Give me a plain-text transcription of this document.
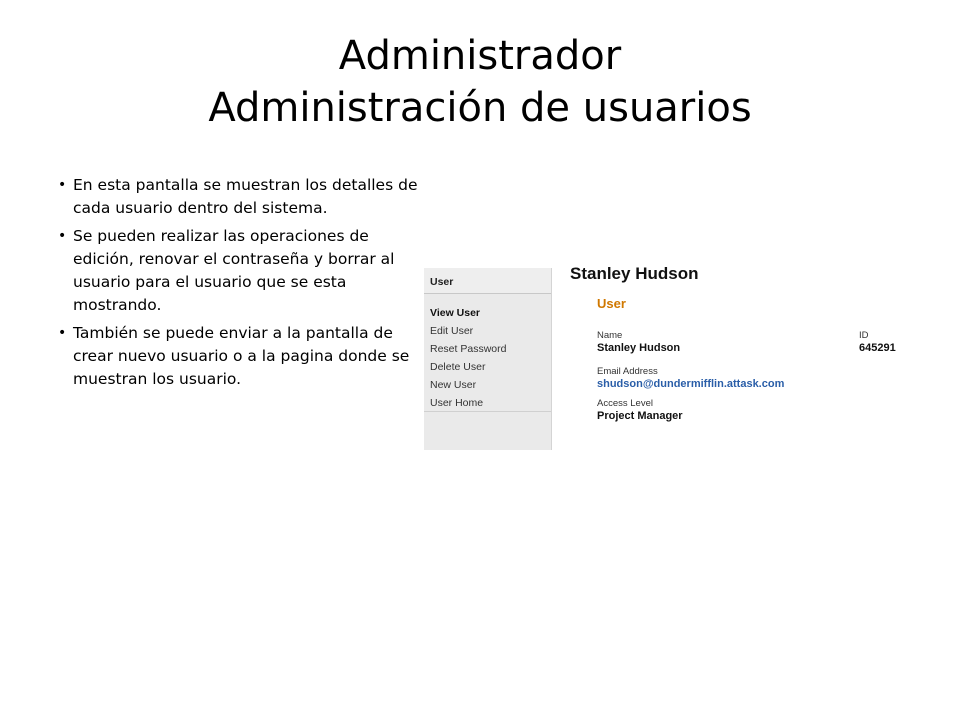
Administrador
Administración de usuarios
• En esta pantalla se muestran los detalles de cada usuario dentro del sistema.
• Se pueden realizar las operaciones de edición, renovar el contraseña y borrar al usuario para el usuario que se esta mostrando.
• También se puede enviar a la pantalla de crear nuevo usuario o a la pagina donde se muestran los usuario.
User
View User
Edit User
Reset Password
Delete User
New User
User Home
Stanley Hudson
User
Name
Stanley Hudson
ID
645291
Email Address
shudson@dundermifflin.attask.com
Access Level
Project Manager
